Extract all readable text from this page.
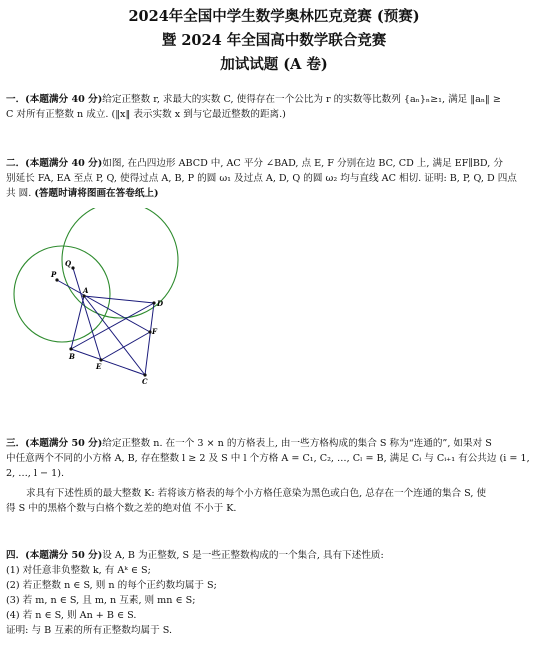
2024年全国中学生数学奥林匹克竞赛 (预赛)
暨 2024 年全国高中数学联合竞赛
加试试题 (A 卷)
一．(本题满分 40 分)给定正整数 r, 求最大的实数 C, 使得存在一个公比为 r 的实数等比数列 {aₙ}ₙ≥₁, 满足 ‖aₙ‖ ≥
C 对所有正整数 n 成立. (‖x‖ 表示实数 x 到与它最近整数的距离.)
二．(本题满分 40 分)如图, 在凸四边形 ABCD 中, AC 平分 ∠BAD, 点 E, F 分别在边 BC, CD 上, 满足 EF∥BD, 分
别延长 FA, EA 至点 P, Q, 使得过点 A, B, P 的圆 ω₁ 及过点 A, D, Q 的圆 ω₂ 均与直线 AC 相切. 证明: B, P, Q, D 四点
共 圆. (答题时请将图画在答卷纸上)
A
B
C
D
E
F
P
Q
三．(本题满分 50 分)给定正整数 n. 在一个 3 × n 的方格表上, 由一些方格构成的集合 S 称为“连通的”, 如果对 S
中任意两个不同的小方格 A, B, 存在整数 l ≥ 2 及 S 中 l 个方格 A = C₁, C₂, …, Cₗ = B, 满足 Cᵢ 与 Cᵢ₊₁ 有公共边 (i = 1,
2, …, l − 1).
求具有下述性质的最大整数 K: 若将该方格表的每个小方格任意染为黑色或白色, 总存在一个连通的集合 S, 使
得 S 中的黑格个数与白格个数之差的绝对值 不小于 K.
四．(本题满分 50 分)设 A, B 为正整数, S 是一些正整数构成的一个集合, 具有下述性质:
(1) 对任意非负整数 k, 有 Aᵏ ∈ S;
(2) 若正整数 n ∈ S, 则 n 的每个正约数均属于 S;
(3) 若 m, n ∈ S, 且 m, n 互素, 则 mn ∈ S;
(4) 若 n ∈ S, 则 An + B ∈ S.
证明: 与 B 互素的所有正整数均属于 S.
